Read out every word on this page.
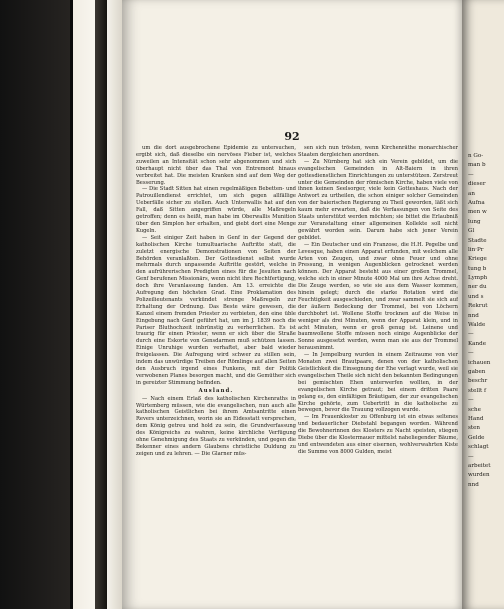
92

um die dort ausgebrochene Epidemie zu untersuchen, ergibt sich, daß dieselbe ein nervöses Fieber ist, welches zuweilen an Intensität schon sehr abgenommen und sich überhaupt nicht über das Thal von Entremont hinaus verbreitet hat. Die meisten Kranken sind auf dem Weg der Besserung.

— Die Stadt Sitten hat einen regelmäßigen Bebetten- und Patrouillendienst errichtet, um sich gegen allfällige Ueberfälle sicher zu stellen. Auch Unterwallis hat auf den Fall, daß Sitten angegriffen würde, alle Maßregeln getroffen; denn es heißt, man habe im Oberwallis Munition über den Simplon her erhalten, und giebt dort eine Menge Kugeln.

— Seit einiger Zeit haben in Genf in der Gegend der katholischen Kirche tumultuarische Auftritte statt, die zuletzt energische Demonstrationen von Seiten der Behörden veranlaßten. Der Gottesdienst selbst wurde mehrmals durch unpassende Auftritte gestört, welche in den aufrührerischen Predigten eines für die Jesuiten nach Genf berufenen Missionärs, wenn nicht ihre Rechtfertigung, doch ihre Veranlassung fanden. Am 13. erreichte die Aufregung den höchsten Grad. Eine Proklamation des Polizeilieutenants verkündet strenge Maßregeln zur Erhaltung der Ordnung. Das Beste wäre gewesen, die Kanzel einem fremden Priester zu verbieten, den eine üble Eingebung nach Genf geführt hat, um im J. 1839 noch die Pariser Bluthochzeit inbrünstig zu verherrlichen. Es ist traurig für einen Priester, wenn er sich über die Straße durch eine Eskorte von Gensdarmen muß schützen lassen. Einige Unruhige wurden verhaftet, aber bald wieder freigelassen. Die Aufregung wird schwer zu stillen sein, indem das unwürdige Treiben der Römlinge auf allen Seiten den Ausbruch irgend eines Funkens, mit der Politik verwobenen Planes besorgen macht, und die Gemüther sich in gereizter Stimmung befinden.

Ausland.

— Nach einem Erlaß des katholischen Kirchenraths in Würtemberg müssen, wie die evangelischen, nun auch alle katholischen Geistlichen bei ihrem Amtsantritte einen Revers unterzeichnen, worin sie an Eidesstatt versprechen, dem König getreu und hold zu sein, die Grundverfassung des Königreichs zu wahren, keine kirchliche Verfügung ohne Genehmigung des Staats zu verkünden, und gegen die Bekenner eines andern Glaubens christliche Duldung zu zeigen und zu lehren. — Die Glarner müs-

sen sich nun trösten, wenn Kirchenräthe monarchischer Staaten dergleichen anordnen.

— Zu Nürnberg hat sich ein Verein gebildet, um die evangelischen Gemeinden in Alt-Baiern in ihren gottesdienstlichen Einrichtungen zu unterstützen. Zerstreut unter die Gemeinden der römischen Kirche, haben viele von ihnen keinen Seelsorger, viele kein Gotteshaus. Nach der Antwort zu urtheilen, die schon einiger solcher Gemeinden von der baierischen Regierung zu Theil geworden, läßt sich kaum mehr erwarten, daß die Verfassungen von Seite des Staats unterstützt werden möchten; sie bittet die Erlaubniß zur Veranstaltung einer allgemeinen Kollekte soll nicht gewährt worden sein. Darum habe sich jener Verein gebildet.

— Ein Deutscher und ein Franzose, die H.H. Pegelbe und Levesque, haben einen Apparat erfunden, mit welchem alle Arten von Zeugen, und zwar ohne Feuer und ohne Pressung, in wenigen Augenblicken getrocknet werden können. Der Apparat besteht aus einer großen Trommel, welche sich in einer Minute 4000 Mal um ihre Achse dreht. Die Zeuge werden, so wie sie aus dem Wasser kommen, hinein gelegt; durch die starke Rotation wird die Feuchtigkeit ausgeschieden, und zwar sammelt sie sich auf der äußern Bedeckung der Trommel, bei von Löchern durchbohrt ist. Wollene Stoffe trocknen auf die Weise in weniger als drei Minuten, wenn der Apparat klein, und in acht Minuten, wenn er groß genug ist. Leinene und baumwollene Stoffe müssen noch einige Augenblicke der Sonne ausgesetzt werden, wenn man sie aus der Trommel herausnimmt.

— In Jempelburg wurden in einem Zeitraume von vier Monaten zwei Brautpaare, denen von der katholischen Geistlichkeit die Einsegnung der Ehe verlagt wurde, weil sie evangelischen Theile sich nicht den bekannten Bedingungen bei gemischten Ehen unterwerfen wollten, in der evangelischen Kirche getraut; bei einem dritten Paare gelang es, den einfältigen Bräutigam, der zur evangelischen Kirche gehörte, zum Uebertritt in die katholische zu bewegen, bevor die Trauung vollzogen wurde.

— Im Frauenkloster zu Offenburg ist ein etwas seltenes und bedauerlicher Diebstahl begangen worden. Während die Bewohnerinnen des Klosters zu Nacht speisten, stiegen Diebe über die Klostermauer mittelst naheliegender Bäume, und entwendeten aus einer eisernen, wohlverwahrten Kiste die Summe von 8000 Gulden, meist

n Go-
man b
—
dieser
an
Aufna
men w
lung
Gl
Stadte
lin·Pr
Kriege
tung b
Lymph
ner du
und s
Rekrut
nnd
Walde
—
Kande
—
ichauen
gaben
beschr
stellt f
—
sche
Hand
sten
Gelde
schlagt
—
arbeitet
wurden
nnd
